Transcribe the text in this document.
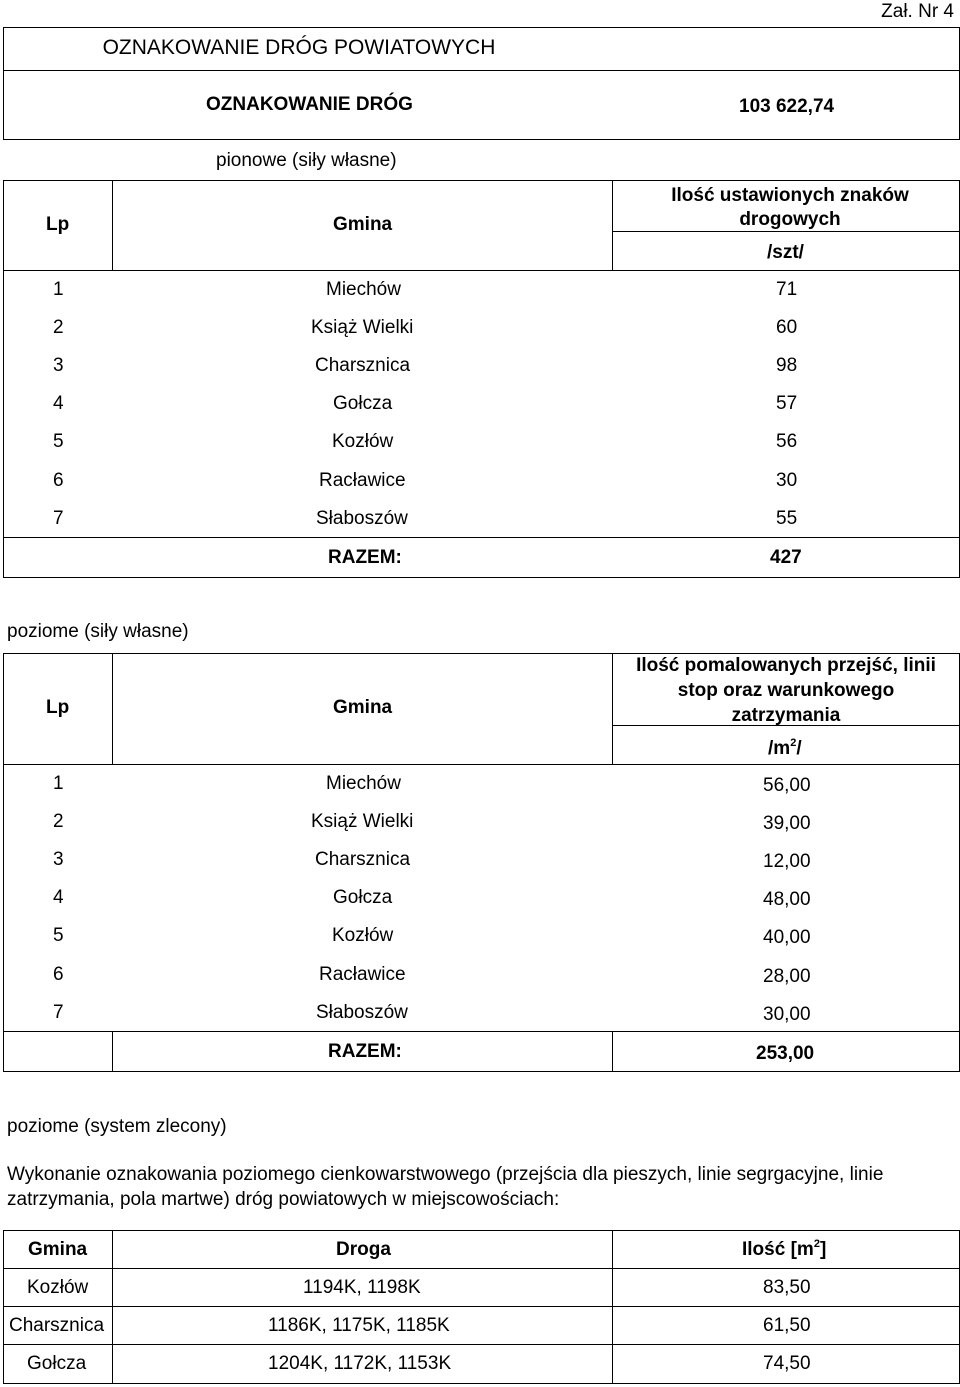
Zał. Nr 4
OZNAKOWANIE DRÓG POWIATOWYCH
OZNAKOWANIE DRÓG	103 622,74
pionowe (siły własne)
Lp	Gmina
Ilość ustawionych znaków drogowych
/szt/
1	Miechów	71
2	Książ Wielki	60
3	Charsznica	98
4	Gołcza	57
5	Kozłów	56
6	Racławice	30
7	Słaboszów	55
RAZEM:	427
poziome (siły własne)
Lp	Gmina
Ilość pomalowanych przejść, linii stop oraz warunkowego zatrzymania
$/m^2/$
1	Miechów	56,00
2	Książ Wielki	39,00
3	Charsznica	12,00
4	Gołcza	48,00
5	Kozłów	40,00
6	Racławice	28,00
7	Słaboszów	30,00
RAZEM:	253,00
poziome (system zlecony)
Wykonanie oznakowania poziomego cienkowarstwowego (przejścia dla pieszych, linie segrgacyjne, linie
zatrzymania, pola martwe) dróg powiatowych w miejscowościach:
Gmina	Droga	Ilość $[m^2]$
Kozłów	1194K, 1198K	83,50
Charsznica	1186K, 1175K, 1185K	61,50
Gołcza	1204K, 1172K, 1153K	74,50
